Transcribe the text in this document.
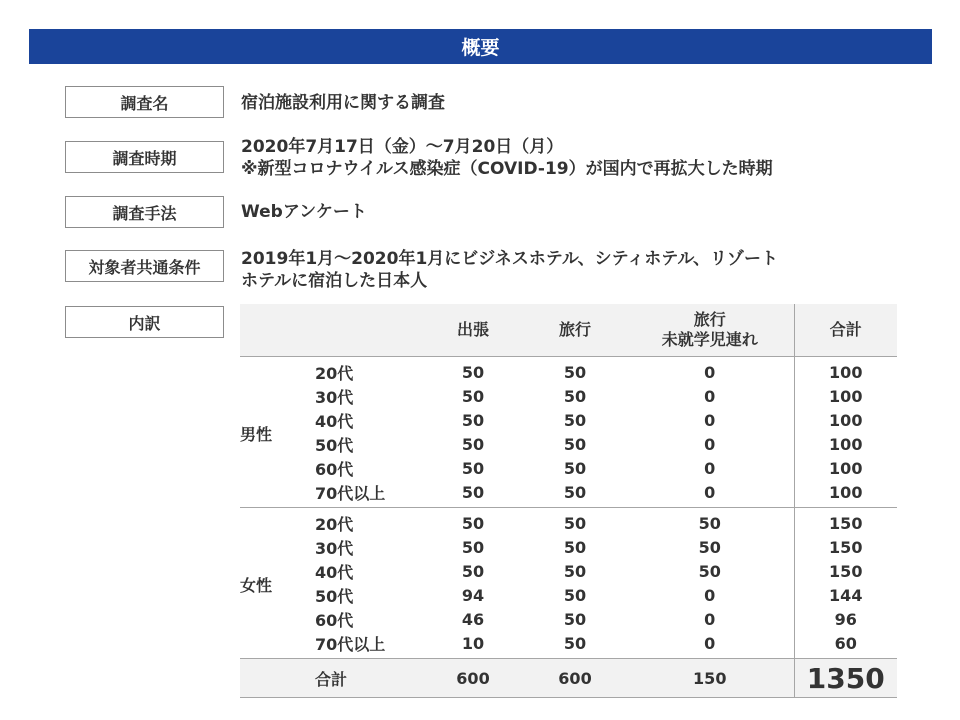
概要
調査名	宿泊施設利用に関する調査
調査時期
2020年7月17日（金）～7月20日（月）
※新型コロナウイルス感染症（COVID-19）が国内で再拡大した時期
調査手法	Webアンケート
対象者共通条件	2019年1月～2020年1月にビジネスホテル、シティホテル、リゾート
ホテルに宿泊した日本人
内訳
		出張	旅行	旅行
未就学児連れ	合計
男性	20代	50	50	0	100
	30代	50	50	0	100
	40代	50	50	0	100
	50代	50	50	0	100
	60代	50	50	0	100
	70代以上	50	50	0	100
女性	20代	50	50	50	150
	30代	50	50	50	150
	40代	50	50	50	150
	50代	94	50	0	144
	60代	46	50	0	96
	70代以上	10	50	0	60
合計		600	600	150	1350
